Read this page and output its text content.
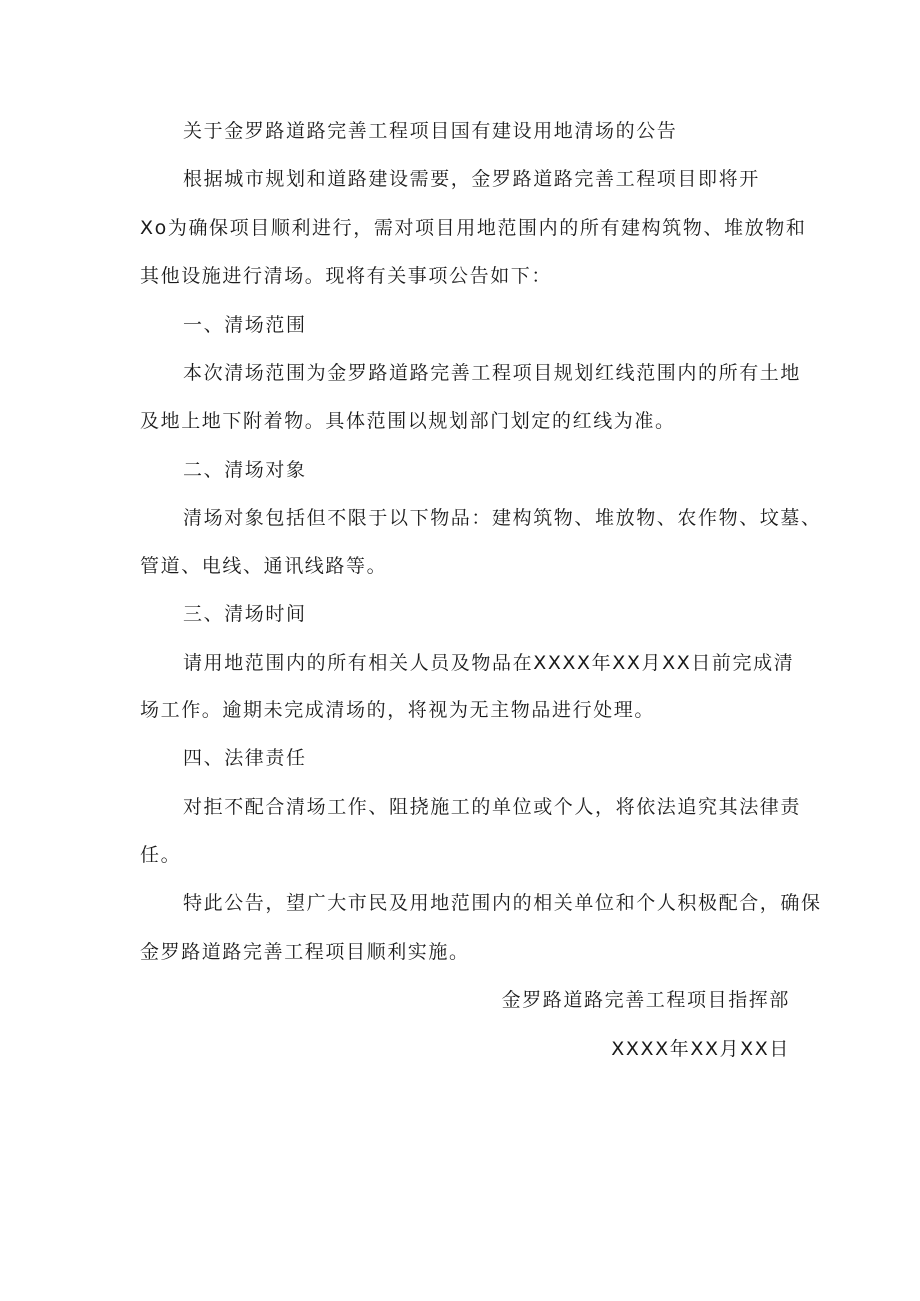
关于金罗路道路完善工程项目国有建设用地清场的公告
根据城市规划和道路建设需要，金罗路道路完善工程项目即将开
Xo为确保项目顺利进行，需对项目用地范围内的所有建构筑物、堆放物和
其他设施进行清场。现将有关事项公告如下：
一、清场范围
本次清场范围为金罗路道路完善工程项目规划红线范围内的所有土地
及地上地下附着物。具体范围以规划部门划定的红线为准。
二、清场对象
清场对象包括但不限于以下物品：建构筑物、堆放物、农作物、坟墓、
管道、电线、通讯线路等。
三、清场时间
请用地范围内的所有相关人员及物品在XXXX年XX月XX日前完成清
场工作。逾期未完成清场的，将视为无主物品进行处理。
四、法律责任
对拒不配合清场工作、阻挠施工的单位或个人，将依法追究其法律责
任。
特此公告，望广大市民及用地范围内的相关单位和个人积极配合，确保
金罗路道路完善工程项目顺利实施。
金罗路道路完善工程项目指挥部
XXXX年XX月XX日
